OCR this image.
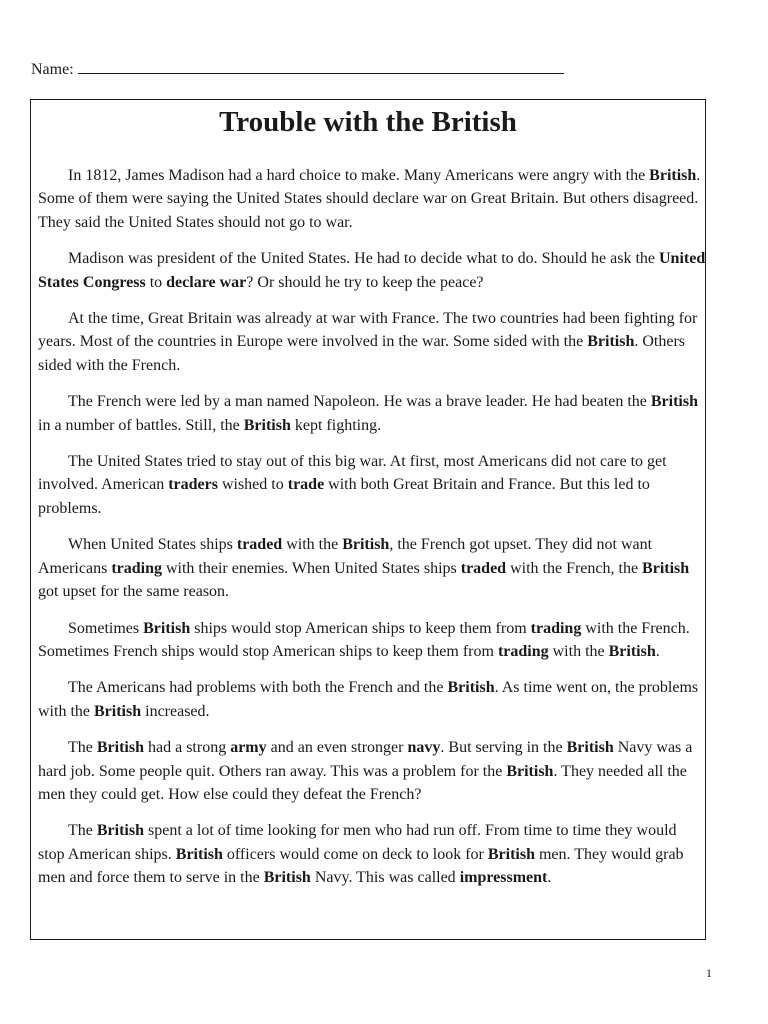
Name:
Trouble with the British

In 1812, James Madison had a hard choice to make. Many Americans were angry with the British. Some of them were saying the United States should declare war on Great Britain. But others disagreed. They said the United States should not go to war.

Madison was president of the United States. He had to decide what to do. Should he ask the United States Congress to declare war? Or should he try to keep the peace?

At the time, Great Britain was already at war with France. The two countries had been fighting for years. Most of the countries in Europe were involved in the war. Some sided with the British. Others sided with the French.

The French were led by a man named Napoleon. He was a brave leader. He had beaten the British in a number of battles. Still, the British kept fighting.

The United States tried to stay out of this big war. At first, most Americans did not care to get involved. American traders wished to trade with both Great Britain and France. But this led to problems.

When United States ships traded with the British, the French got upset. They did not want Americans trading with their enemies. When United States ships traded with the French, the British got upset for the same reason.

Sometimes British ships would stop American ships to keep them from trading with the French. Sometimes French ships would stop American ships to keep them from trading with the British.

The Americans had problems with both the French and the British. As time went on, the problems with the British increased.

The British had a strong army and an even stronger navy. But serving in the British Navy was a hard job. Some people quit. Others ran away. This was a problem for the British. They needed all the men they could get. How else could they defeat the French?

The British spent a lot of time looking for men who had run off. From time to time they would stop American ships. British officers would come on deck to look for British men. They would grab men and force them to serve in the British Navy. This was called impressment.

1
